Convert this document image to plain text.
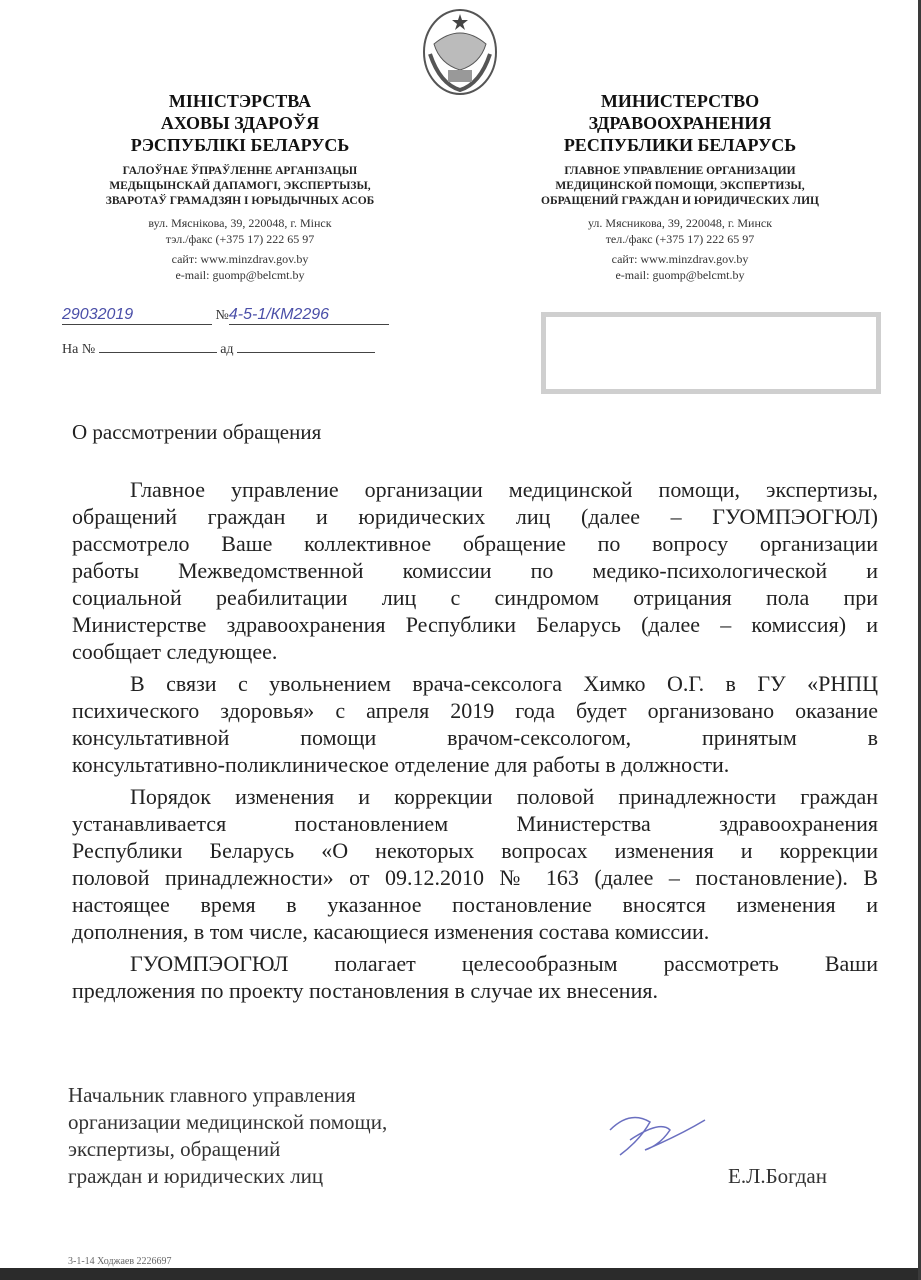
МІНІСТЭРСТВА
АХОВЫ ЗДАРОЎЯ
РЭСПУБЛІКІ БЕЛАРУСЬ
ГАЛОЎНАЕ ЎПРАЎЛЕННЕ АРГАНІЗАЦЫІ
МЕДЫЦЫНСКАЙ ДАПАМОГІ, ЭКСПЕРТЫЗЫ,
ЗВАРОТАЎ ГРАМАДЗЯН І ЮРЫДЫЧНЫХ АСОБ
вул. Мяснікова, 39, 220048, г. Мінск
тэл./факс (+375 17) 222 65 97
сайт: www.minzdrav.gov.by
e-mail: guomp@belcmt.by
МИНИСТЕРСТВО
ЗДРАВООХРАНЕНИЯ
РЕСПУБЛИКИ БЕЛАРУСЬ
ГЛАВНОЕ УПРАВЛЕНИЕ ОРГАНИЗАЦИИ
МЕДИЦИНСКОЙ ПОМОЩИ, ЭКСПЕРТИЗЫ,
ОБРАЩЕНИЙ ГРАЖДАН И ЮРИДИЧЕСКИХ ЛИЦ
ул. Мясникова, 39, 220048, г. Минск
тел./факс (+375 17) 222 65 97
сайт: www.minzdrav.gov.by
e-mail: guomp@belcmt.by
29032019	№4-5-1/КМ2296
На №	ад
О рассмотрении обращения
Главное управление организации медицинской помощи, экспертизы,
обращений граждан и юридических лиц (далее – ГУОМПЭОГЮЛ)
рассмотрело Ваше коллективное обращение по вопросу организации
работы Межведомственной комиссии по медико-психологической и
социальной реабилитации лиц с синдромом отрицания пола при
Министерстве здравоохранения Республики Беларусь (далее – комиссия) и
сообщает следующее.
В связи с увольнением врача-сексолога Химко О.Г. в ГУ «РНПЦ
психического здоровья» с апреля 2019 года будет организовано оказание
консультативной помощи врачом-сексологом, принятым в
консультативно-поликлиническое отделение для работы в должности.
Порядок изменения и коррекции половой принадлежности граждан
устанавливается постановлением Министерства здравоохранения
Республики Беларусь «О некоторых вопросах изменения и коррекции
половой принадлежности» от 09.12.2010 № 163 (далее – постановление). В
настоящее время в указанное постановление вносятся изменения и
дополнения, в том числе, касающиеся изменения состава комиссии.
ГУОМПЭОГЮЛ полагает целесообразным рассмотреть Ваши
предложения по проекту постановления в случае их внесения.
Начальник главного управления
организации медицинской помощи,
экспертизы, обращений
граждан и юридических лиц	Е.Л.Богдан
3-1-14 Ходжаев 2226697
